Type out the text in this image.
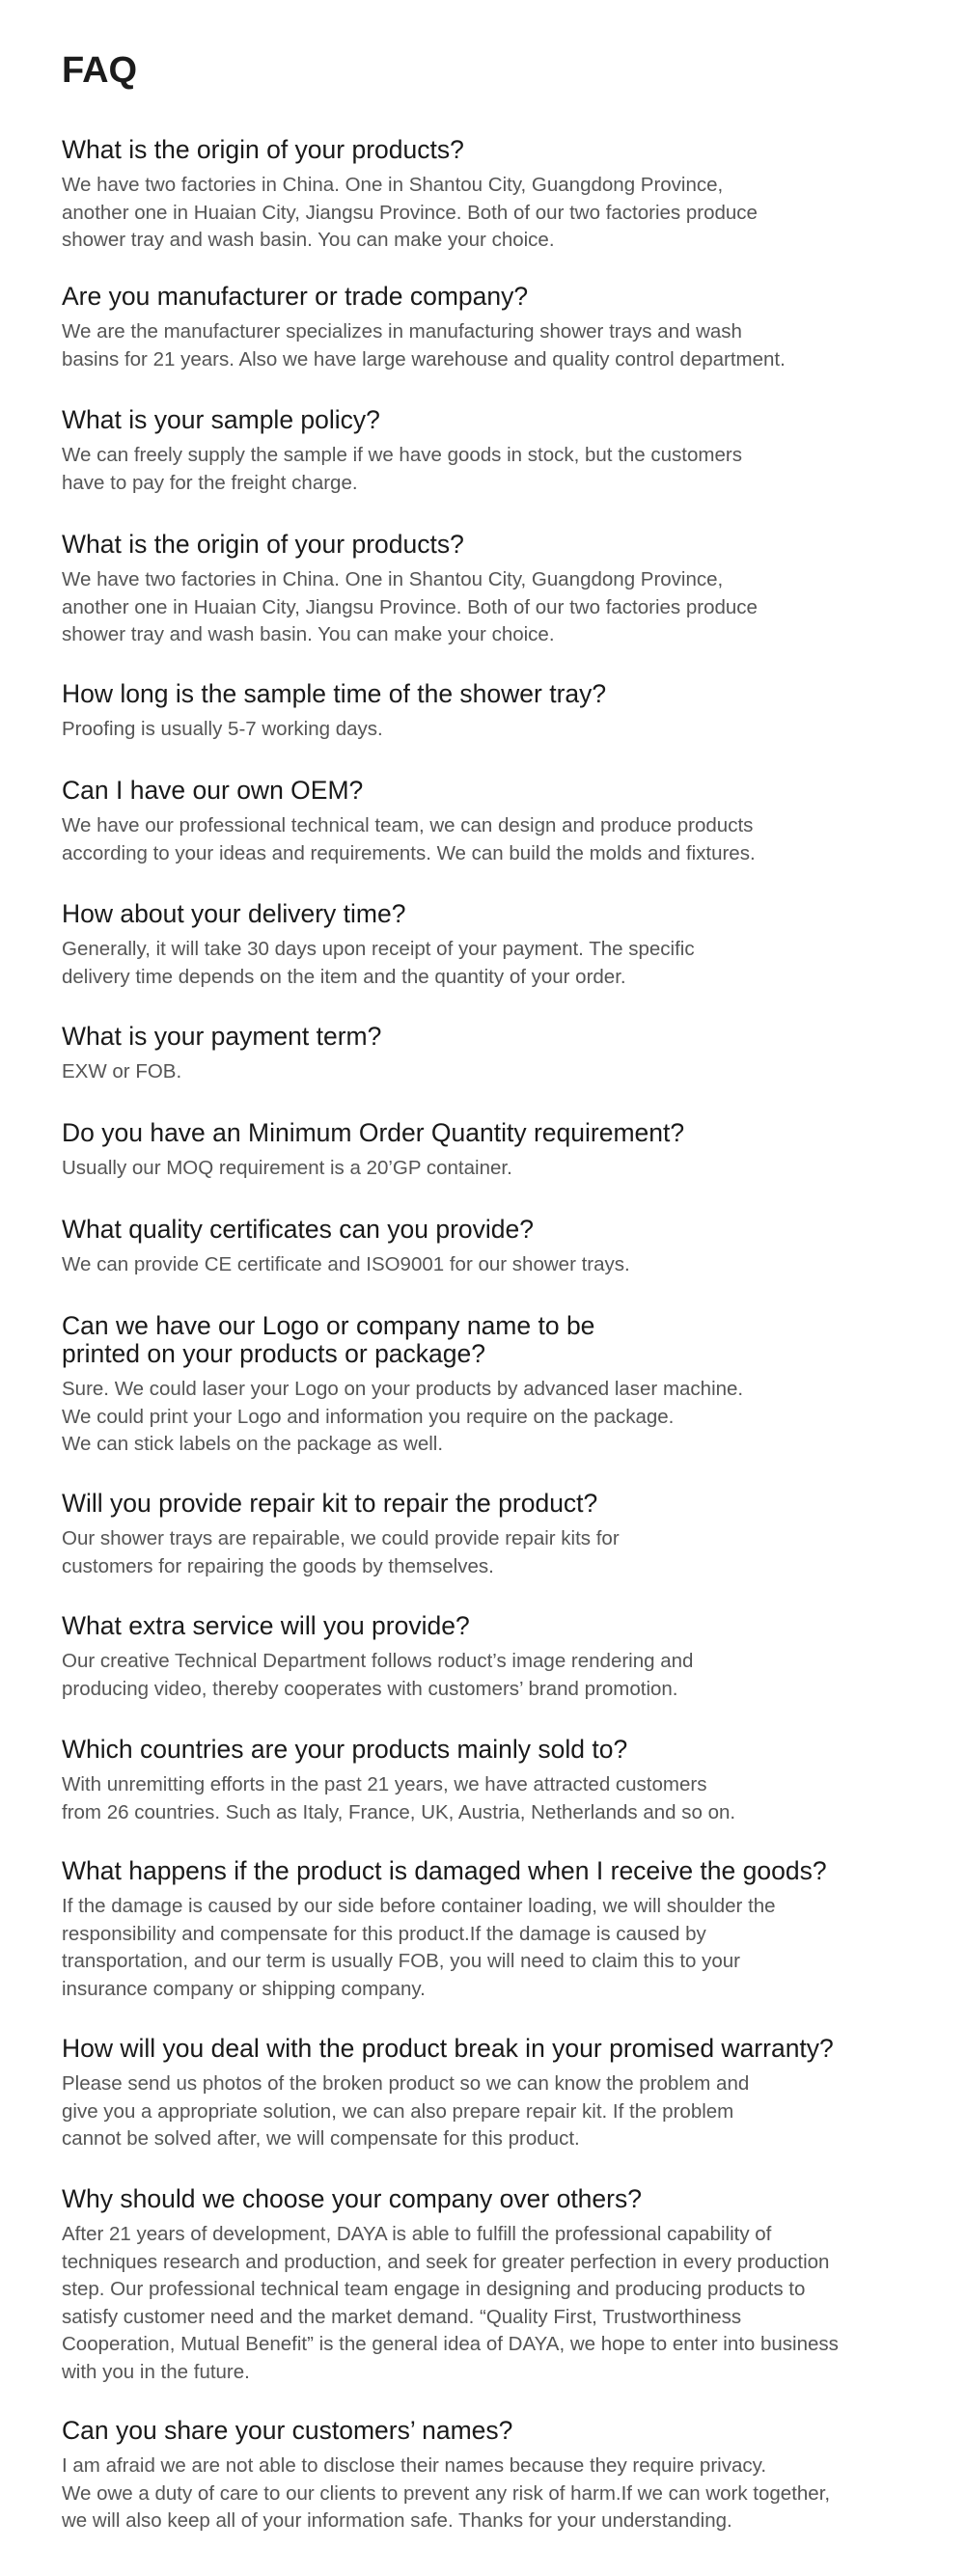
FAQ
What is the origin of your products?

We have two factories in China. One in Shantou City, Guangdong Province,
another one in Huaian City, Jiangsu Province. Both of our two factories produce
shower tray and wash basin. You can make your choice.

Are you manufacturer or trade company?

We are the manufacturer specializes in manufacturing shower trays and wash
basins for 21 years. Also we have large warehouse and quality control department.

What is your sample policy?

We can freely supply the sample if we have goods in stock, but the customers
have to pay for the freight charge.

What is the origin of your products?

We have two factories in China. One in Shantou City, Guangdong Province,
another one in Huaian City, Jiangsu Province. Both of our two factories produce
shower tray and wash basin. You can make your choice.

How long is the sample time of the shower tray?

Proofing is usually 5-7 working days.

Can I have our own OEM?

We have our professional technical team, we can design and produce products
according to your ideas and requirements. We can build the molds and fixtures.

How about your delivery time?

Generally, it will take 30 days upon receipt of your payment. The specific
delivery time depends on the item and the quantity of your order.

What is your payment term?

EXW or FOB.

Do you have an Minimum Order Quantity requirement?

Usually our MOQ requirement is a 20’GP container.

What quality certificates can you provide?

We can provide CE certificate and ISO9001 for our shower trays.

Can we have our Logo or company name to be
printed on your products or package?

Sure. We could laser your Logo on your products by advanced laser machine.
We could print your Logo and information you require on the package.
We can stick labels on the package as well.

Will you provide repair kit to repair the product?

Our shower trays are repairable, we could provide repair kits for
customers for repairing the goods by themselves.

What extra service will you provide?

Our creative Technical Department follows roduct’s image rendering and
producing video, thereby cooperates with customers’ brand promotion.

Which countries are your products mainly sold to?

With unremitting efforts in the past 21 years, we have attracted customers
from 26 countries. Such as Italy, France, UK, Austria, Netherlands and so on.

What happens if the product is damaged when I receive the goods?

If the damage is caused by our side before container loading, we will shoulder the
responsibility and compensate for this product.If the damage is caused by
transportation, and our term is usually FOB, you will need to claim this to your
insurance company or shipping company.

How will you deal with the product break in your promised warranty?

Please send us photos of the broken product so we can know the problem and
give you a appropriate solution, we can also prepare repair kit. If the problem
cannot be solved after, we will compensate for this product.

Why should we choose your company over others?

After 21 years of development, DAYA is able to fulfill the professional capability of
techniques research and production, and seek for greater perfection in every production
step. Our professional technical team engage in designing and producing products to
satisfy customer need and the market demand. “Quality First, Trustworthiness
Cooperation, Mutual Benefit” is the general idea of DAYA, we hope to enter into business
with you in the future.

Can you share your customers’ names?

I am afraid we are not able to disclose their names because they require privacy.
We owe a duty of care to our clients to prevent any risk of harm.If we can work together,
we will also keep all of your information safe. Thanks for your understanding.
